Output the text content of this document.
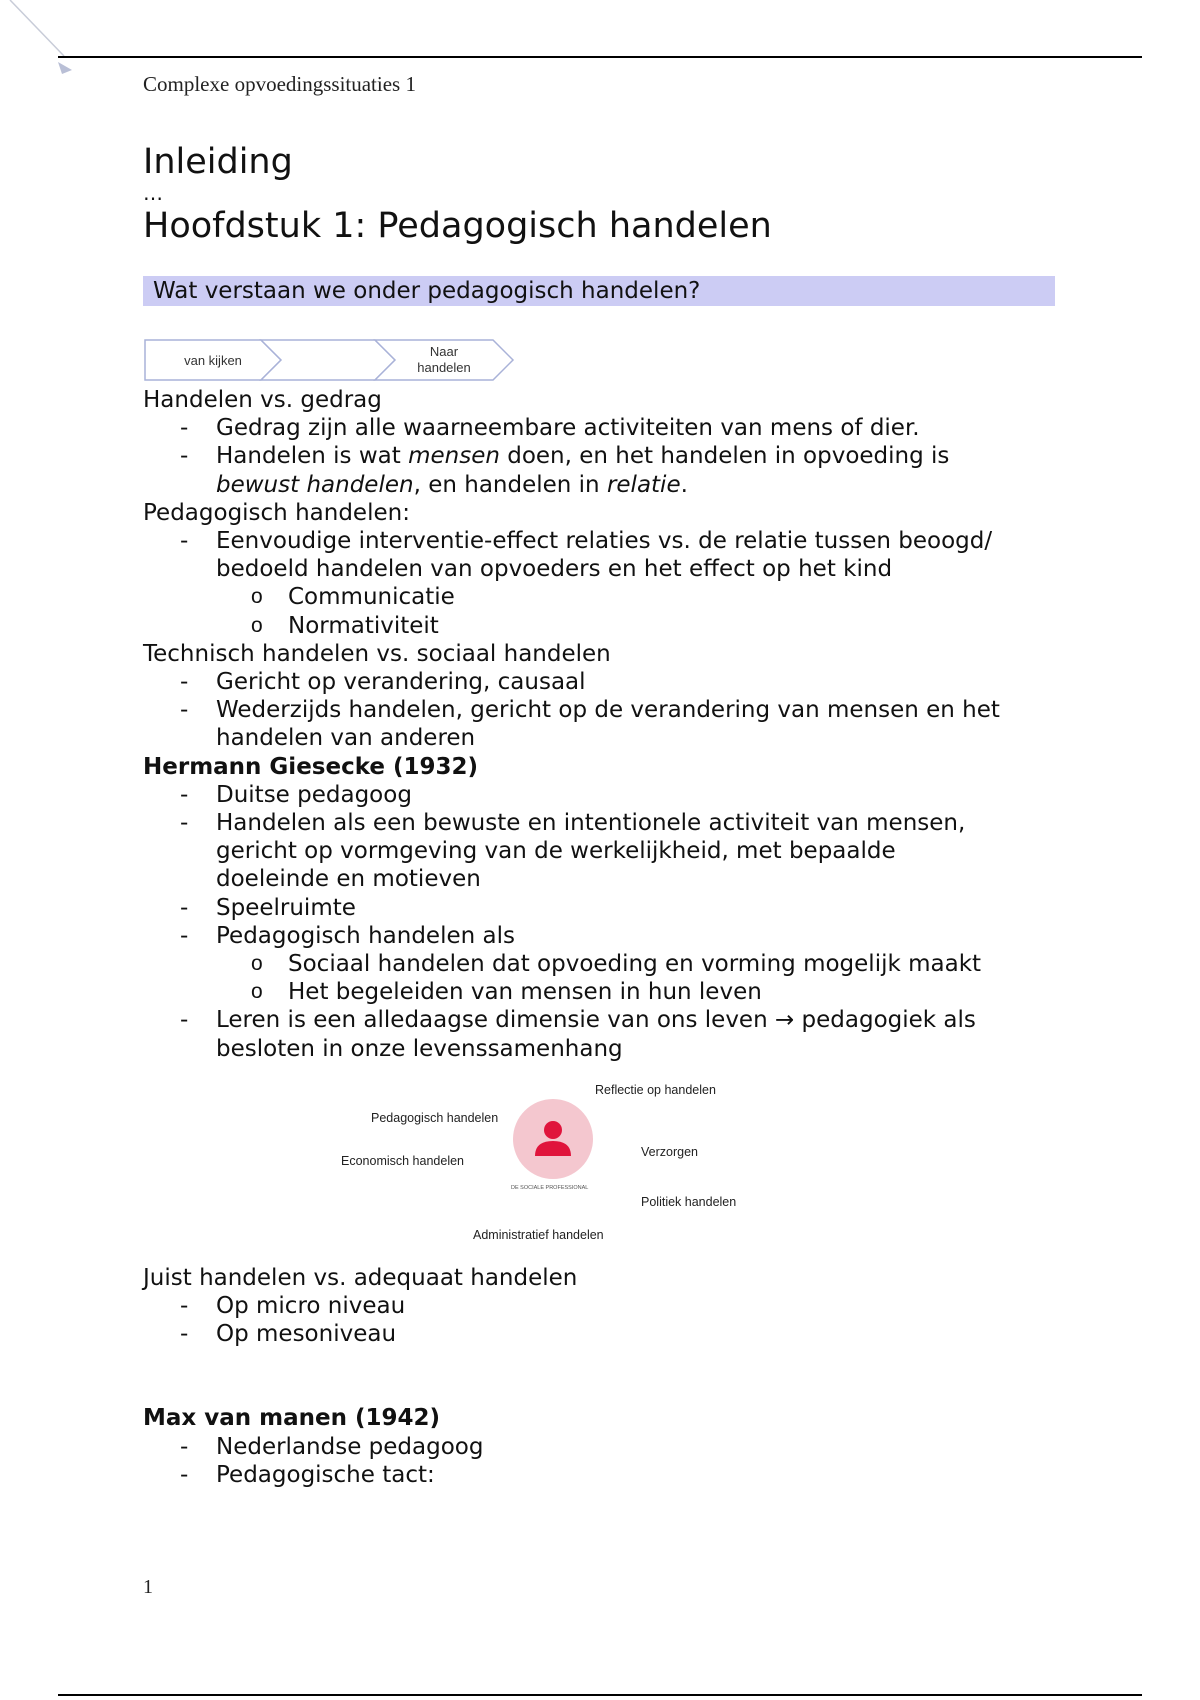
Complexe opvoedingssituaties 1
Inleiding
…
Hoofdstuk 1: Pedagogisch handelen
Wat verstaan we onder pedagogisch handelen?
van kijken
Naar
handelen
Handelen vs. gedrag
- Gedrag zijn alle waarneembare activiteiten van mens of dier.
- Handelen is wat mensen doen, en het handelen in opvoeding is
bewust handelen, en handelen in relatie.
Pedagogisch handelen:
- Eenvoudige interventie-effect relaties vs. de relatie tussen beoogd/
bedoeld handelen van opvoeders en het effect op het kind
o Communicatie
o Normativiteit
Technisch handelen vs. sociaal handelen
- Gericht op verandering, causaal
- Wederzijds handelen, gericht op de verandering van mensen en het
handelen van anderen
Hermann Giesecke (1932)
- Duitse pedagoog
- Handelen als een bewuste en intentionele activiteit van mensen,
gericht op vormgeving van de werkelijkheid, met bepaalde
doeleinde en motieven
- Speelruimte
- Pedagogisch handelen als
o Sociaal handelen dat opvoeding en vorming mogelijk maakt
o Het begeleiden van mensen in hun leven
- Leren is een alledaagse dimensie van ons leven → pedagogiek als
besloten in onze levenssamenhang
Reflectie op handelen
Pedagogisch handelen
Economisch handelen
Verzorgen
DE SOCIALE PROFESSIONAL
Politiek handelen
Administratief handelen
Juist handelen vs. adequaat handelen
- Op micro niveau
- Op mesoniveau
Max van manen (1942)
- Nederlandse pedagoog
- Pedagogische tact:
1
